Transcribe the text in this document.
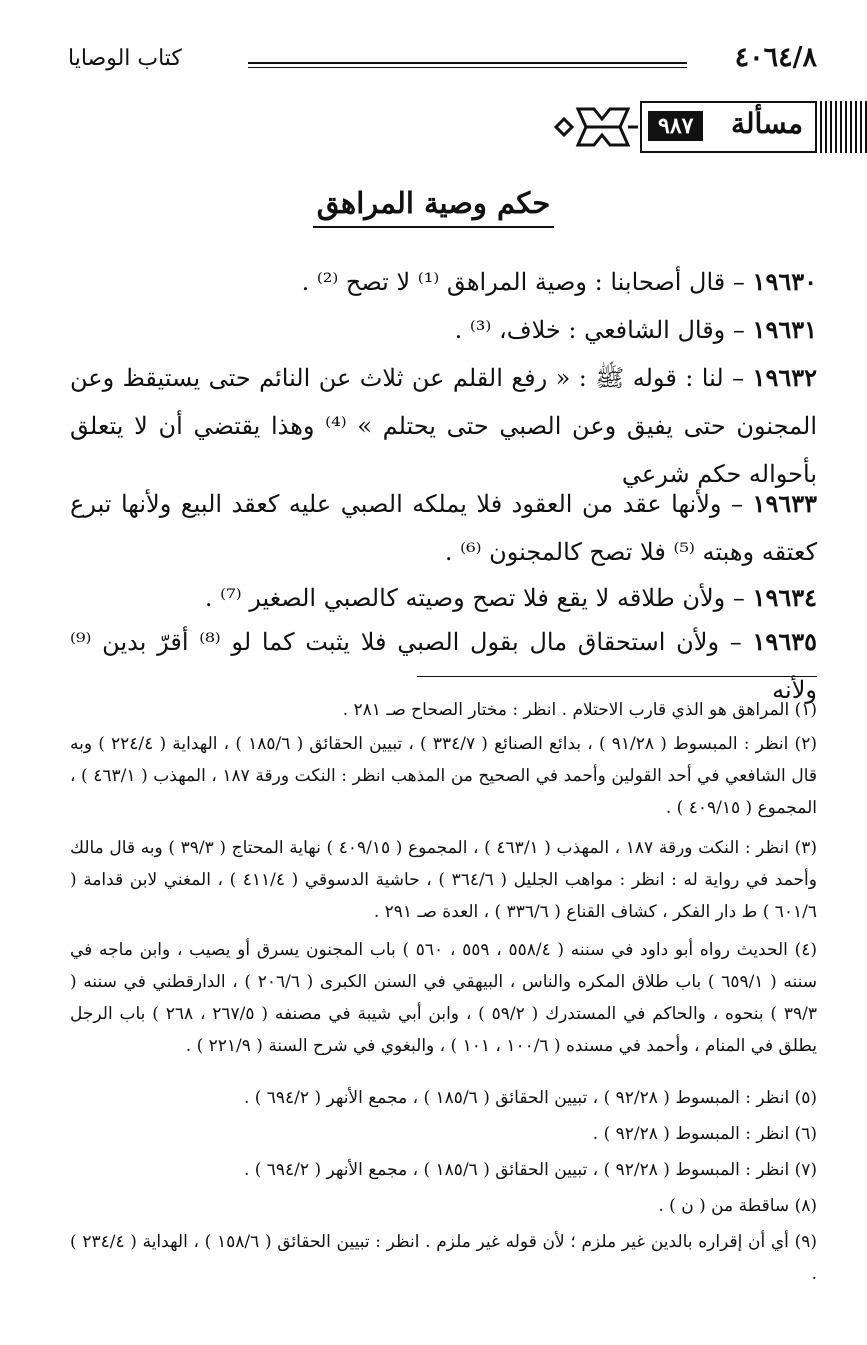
٤٠٦٤/٨
كتاب الوصايا
مسألة
٩٨٧
حكم وصية المراهق
١٩٦٣٠ – قال أصحابنا : وصية المراهق ⁽¹⁾ لا تصح ⁽²⁾ .
١٩٦٣١ – وقال الشافعي : خلاف، ⁽³⁾ .
١٩٦٣٢ – لنا : قوله ﷺ : « رفع القلم عن ثلاث عن النائم حتى يستيقظ وعن المجنون حتى يفيق وعن الصبي حتى يحتلم » ⁽⁴⁾ وهذا يقتضي أن لا يتعلق بأحواله حكم شرعي
١٩٦٣٣ – ولأنها عقد من العقود فلا يملكه الصبي عليه كعقد البيع ولأنها تبرع كعتقه وهبته ⁽⁵⁾ فلا تصح كالمجنون ⁽⁶⁾ .
١٩٦٣٤ – ولأن طلاقه لا يقع فلا تصح وصيته كالصبي الصغير ⁽⁷⁾ .
١٩٦٣٥ – ولأن استحقاق مال بقول الصبي فلا يثبت كما لو ⁽⁸⁾ أقرّ بدين ⁽⁹⁾ ولأنه
(١) المراهق هو الذي قارب الاحتلام . انظر : مختار الصحاح صـ ٢٨١ .
(٢) انظر : المبسوط ( ٩١/٢٨ ) ، بدائع الصنائع ( ٣٣٤/٧ ) ، تبيين الحقائق ( ١٨٥/٦ ) ، الهداية ( ٢٢٤/٤ ) وبه قال الشافعي في أحد القولين وأحمد في الصحيح من المذهب انظر : النكت ورقة ١٨٧ ، المهذب ( ٤٦٣/١ ) ، المجموع ( ٤٠٩/١٥ ) .
(٣) انظر : النكت ورقة ١٨٧ ، المهذب ( ٤٦٣/١ ) ، المجموع ( ٤٠٩/١٥ ) نهاية المحتاج ( ٣٩/٣ ) وبه قال مالك وأحمد في رواية له : انظر : مواهب الجليل ( ٣٦٤/٦ ) ، حاشية الدسوقي ( ٤١١/٤ ) ، المغني لابن قدامة ( ٦٠١/٦ ) ط دار الفكر ، كشاف القناع ( ٣٣٦/٦ ) ، العدة صـ ٢٩١ .
(٤) الحديث رواه أبو داود في سننه ( ٥٥٨/٤ ، ٥٥٩ ، ٥٦٠ ) باب المجنون يسرق أو يصيب ، وابن ماجه في سننه ( ٦٥٩/١ ) باب طلاق المكره والناس ، البيهقي في السنن الكبرى ( ٢٠٦/٦ ) ، الدارقطني في سننه ( ٣٩/٣ ) بنحوه ، والحاكم في المستدرك ( ٥٩/٢ ) ، وابن أبي شيبة في مصنفه ( ٢٦٧/٥ ، ٢٦٨ ) باب الرجل يطلق في المنام ، وأحمد في مسنده ( ١٠٠/٦ ، ١٠١ ) ، والبغوي في شرح السنة ( ٢٢١/٩ ) .
(٥) انظر : المبسوط ( ٩٢/٢٨ ) ، تبيين الحقائق ( ١٨٥/٦ ) ، مجمع الأنهر ( ٦٩٤/٢ ) .
(٦) انظر : المبسوط ( ٩٢/٢٨ ) .
(٧) انظر : المبسوط ( ٩٢/٢٨ ) ، تبيين الحقائق ( ١٨٥/٦ ) ، مجمع الأنهر ( ٦٩٤/٢ ) .
(٨) ساقطة من ( ن ) .
(٩) أي أن إقراره بالدين غير ملزم ؛ لأن قوله غير ملزم . انظر : تبيين الحقائق ( ١٥٨/٦ ) ، الهداية ( ٢٣٤/٤ ) .
